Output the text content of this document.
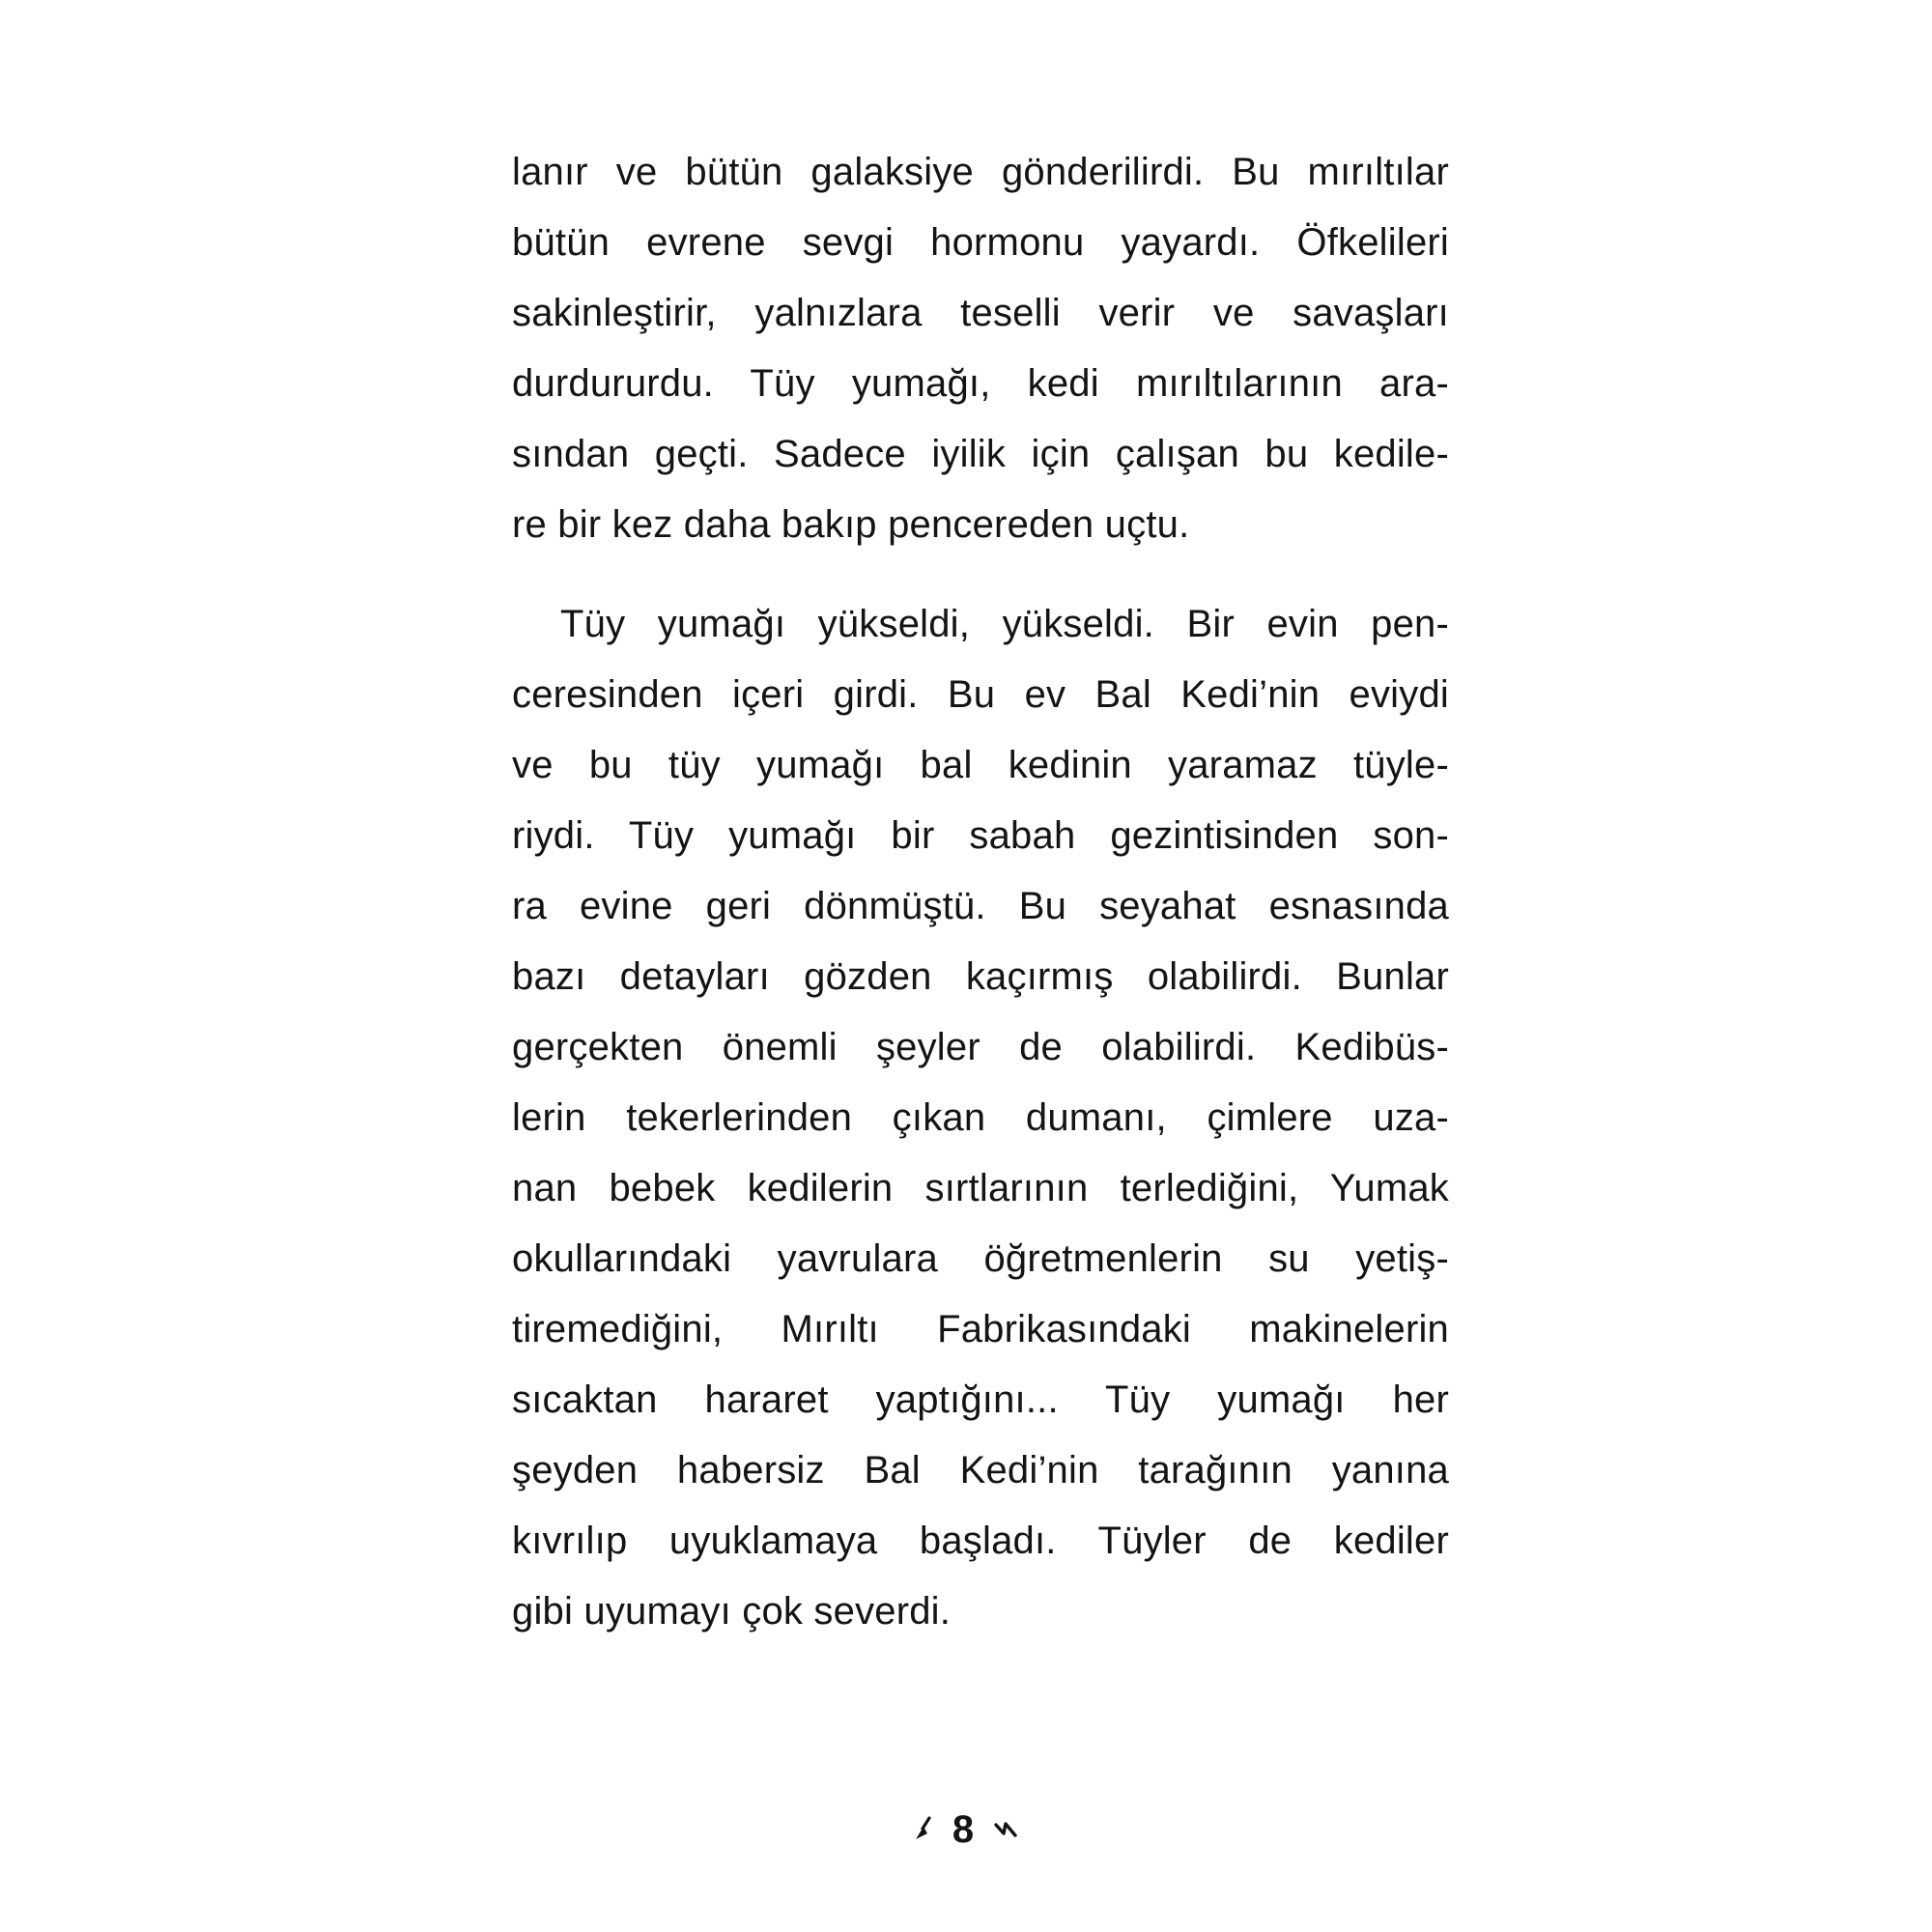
lanır ve bütün galaksiye gönderilirdi. Bu mırıltılar
bütün evrene sevgi hormonu yayardı. Öfkelileri
sakinleştirir, yalnızlara teselli verir ve savaşları
durdururdu. Tüy yumağı, kedi mırıltılarının ara-
sından geçti. Sadece iyilik için çalışan bu kedile-
re bir kez daha bakıp pencereden uçtu.
Tüy yumağı yükseldi, yükseldi. Bir evin pen-
ceresinden içeri girdi. Bu ev Bal Kedi’nin eviydi
ve bu tüy yumağı bal kedinin yaramaz tüyle-
riydi. Tüy yumağı bir sabah gezintisinden son-
ra evine geri dönmüştü. Bu seyahat esnasında
bazı detayları gözden kaçırmış olabilirdi. Bunlar
gerçekten önemli şeyler de olabilirdi. Kedibüs-
lerin tekerlerinden çıkan dumanı, çimlere uza-
nan bebek kedilerin sırtlarının terlediğini, Yumak
okullarındaki yavrulara öğretmenlerin su yetiş-
tiremediğini, Mırıltı Fabrikasındaki makinelerin
sıcaktan hararet yaptığını... Tüy yumağı her
şeyden habersiz Bal Kedi’nin tarağının yanına
kıvrılıp uyuklamaya başladı. Tüyler de kediler
gibi uyumayı çok severdi.
8
